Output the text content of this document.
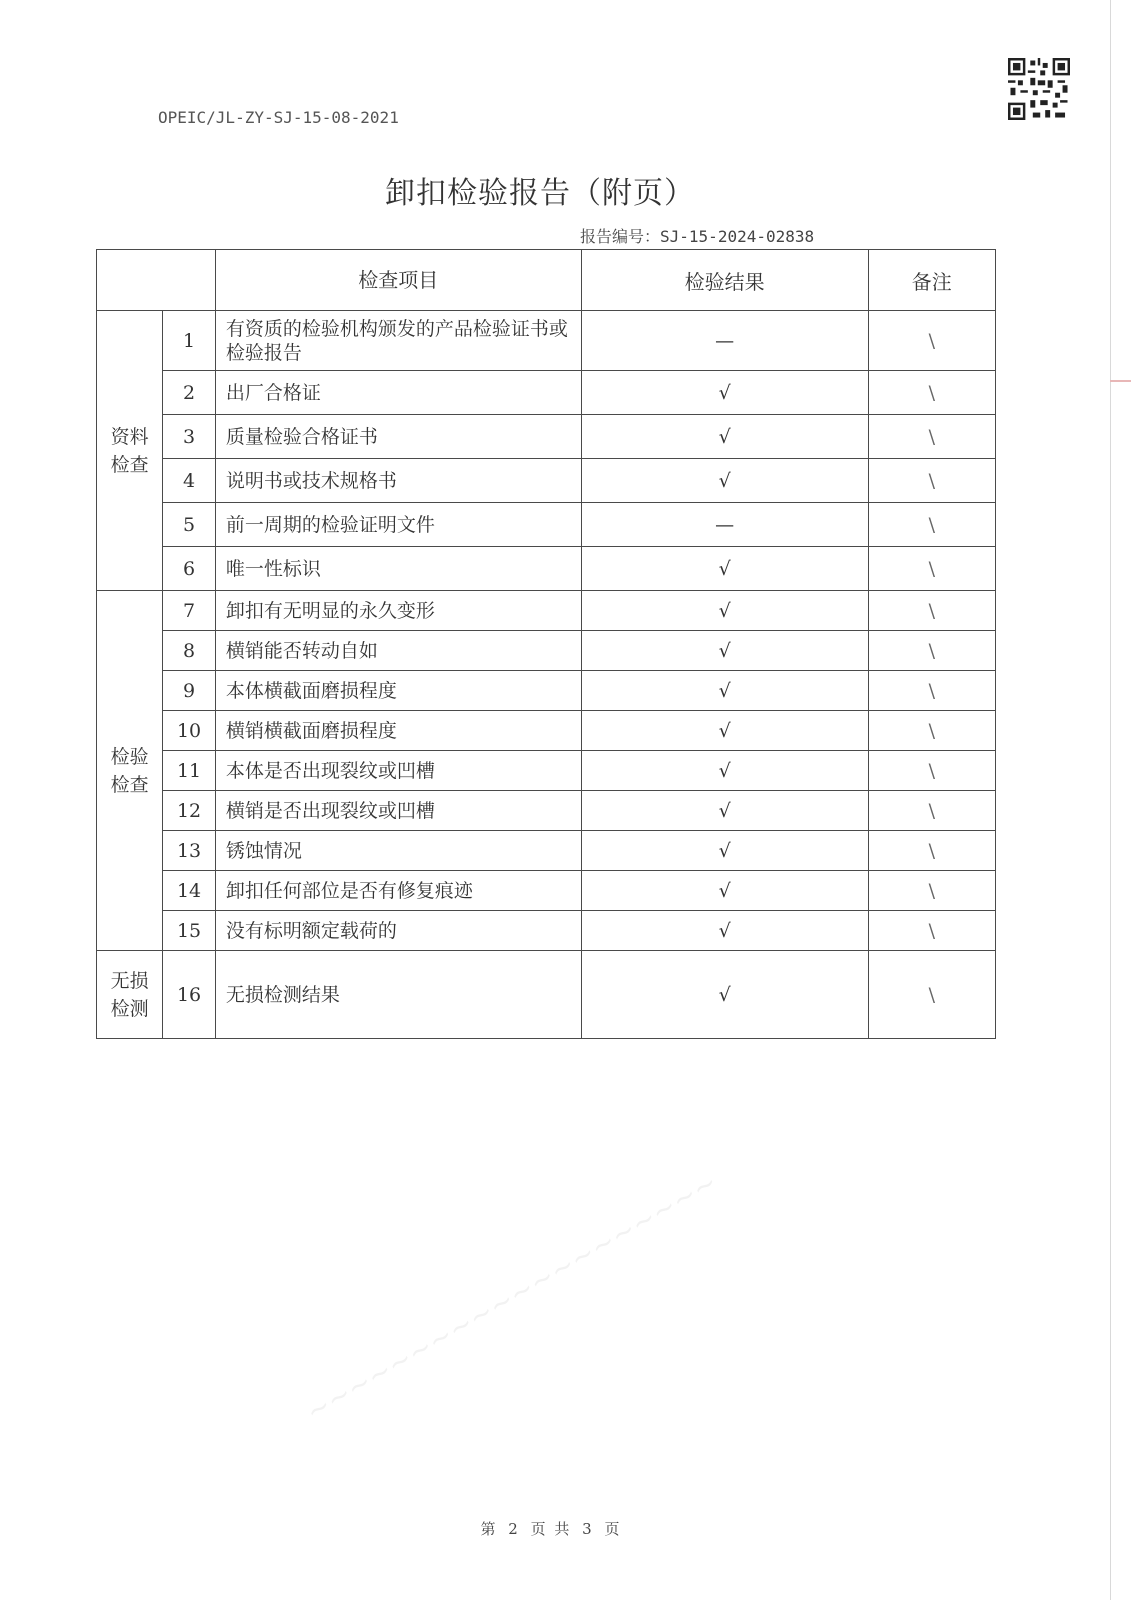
OPEIC/JL-ZY-SJ-15-08-2021
卸扣检验报告（附页）
报告编号：SJ-15-2024-02838
~~~~~~~~~~~~~~~~~~~~
		检查项目	检验结果	备注
资料
检查	1	有资质的检验机构颁发的产品检验证书或检验报告	—	\
	2	出厂合格证	√	\
	3	质量检验合格证书	√	\
	4	说明书或技术规格书	√	\
	5	前一周期的检验证明文件	—	\
	6	唯一性标识	√	\
检验
检查	7	卸扣有无明显的永久变形	√	\
	8	横销能否转动自如	√	\
	9	本体横截面磨损程度	√	\
	10	横销横截面磨损程度	√	\
	11	本体是否出现裂纹或凹槽	√	\
	12	横销是否出现裂纹或凹槽	√	\
	13	锈蚀情况	√	\
	14	卸扣任何部位是否有修复痕迹	√	\
	15	没有标明额定载荷的	√	\
无损
检测	16	无损检测结果	√	\
第 2 页 共 3 页
